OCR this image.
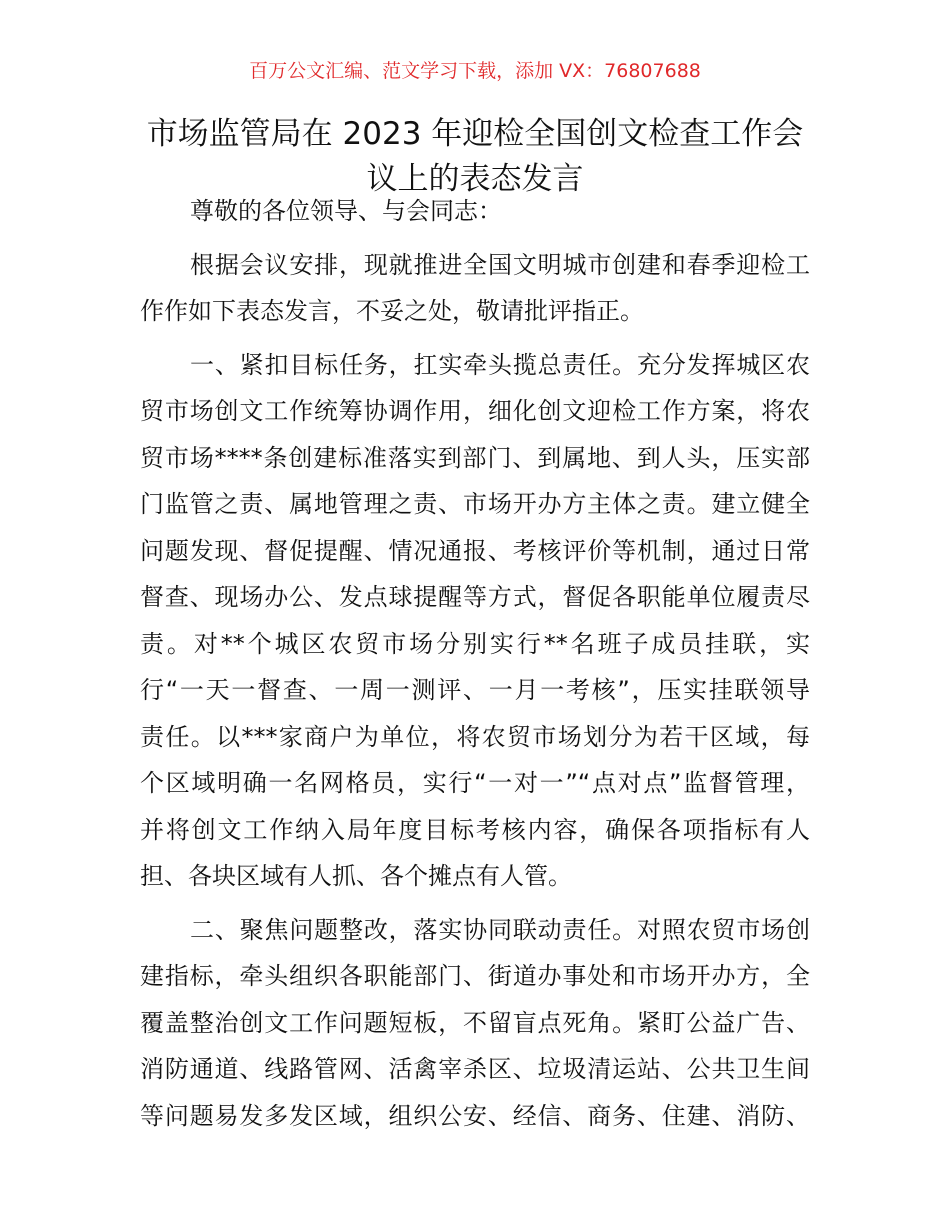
百万公文汇编、范文学习下载，添加 VX：76807688
市场监管局在 2023 年迎检全国创文检查工作会
议上的表态发言
尊敬的各位领导、与会同志：
根据会议安排，现就推进全国文明城市创建和春季迎检工
作作如下表态发言，不妥之处，敬请批评指正。
一、紧扣目标任务，扛实牵头揽总责任。充分发挥城区农
贸市场创文工作统筹协调作用，细化创文迎检工作方案，将农
贸市场****条创建标准落实到部门、到属地、到人头，压实部
门监管之责、属地管理之责、市场开办方主体之责。建立健全
问题发现、督促提醒、情况通报、考核评价等机制，通过日常
督查、现场办公、发点球提醒等方式，督促各职能单位履责尽
责。对**个城区农贸市场分别实行**名班子成员挂联，实
行“一天一督查、一周一测评、一月一考核”，压实挂联领导
责任。以***家商户为单位，将农贸市场划分为若干区域，每
个区域明确一名网格员，实行“一对一”“点对点”监督管理，
并将创文工作纳入局年度目标考核内容，确保各项指标有人
担、各块区域有人抓、各个摊点有人管。
二、聚焦问题整改，落实协同联动责任。对照农贸市场创
建指标，牵头组织各职能部门、街道办事处和市场开办方，全
覆盖整治创文工作问题短板，不留盲点死角。紧盯公益广告、
消防通道、线路管网、活禽宰杀区、垃圾清运站、公共卫生间
等问题易发多发区域，组织公安、经信、商务、住建、消防、
